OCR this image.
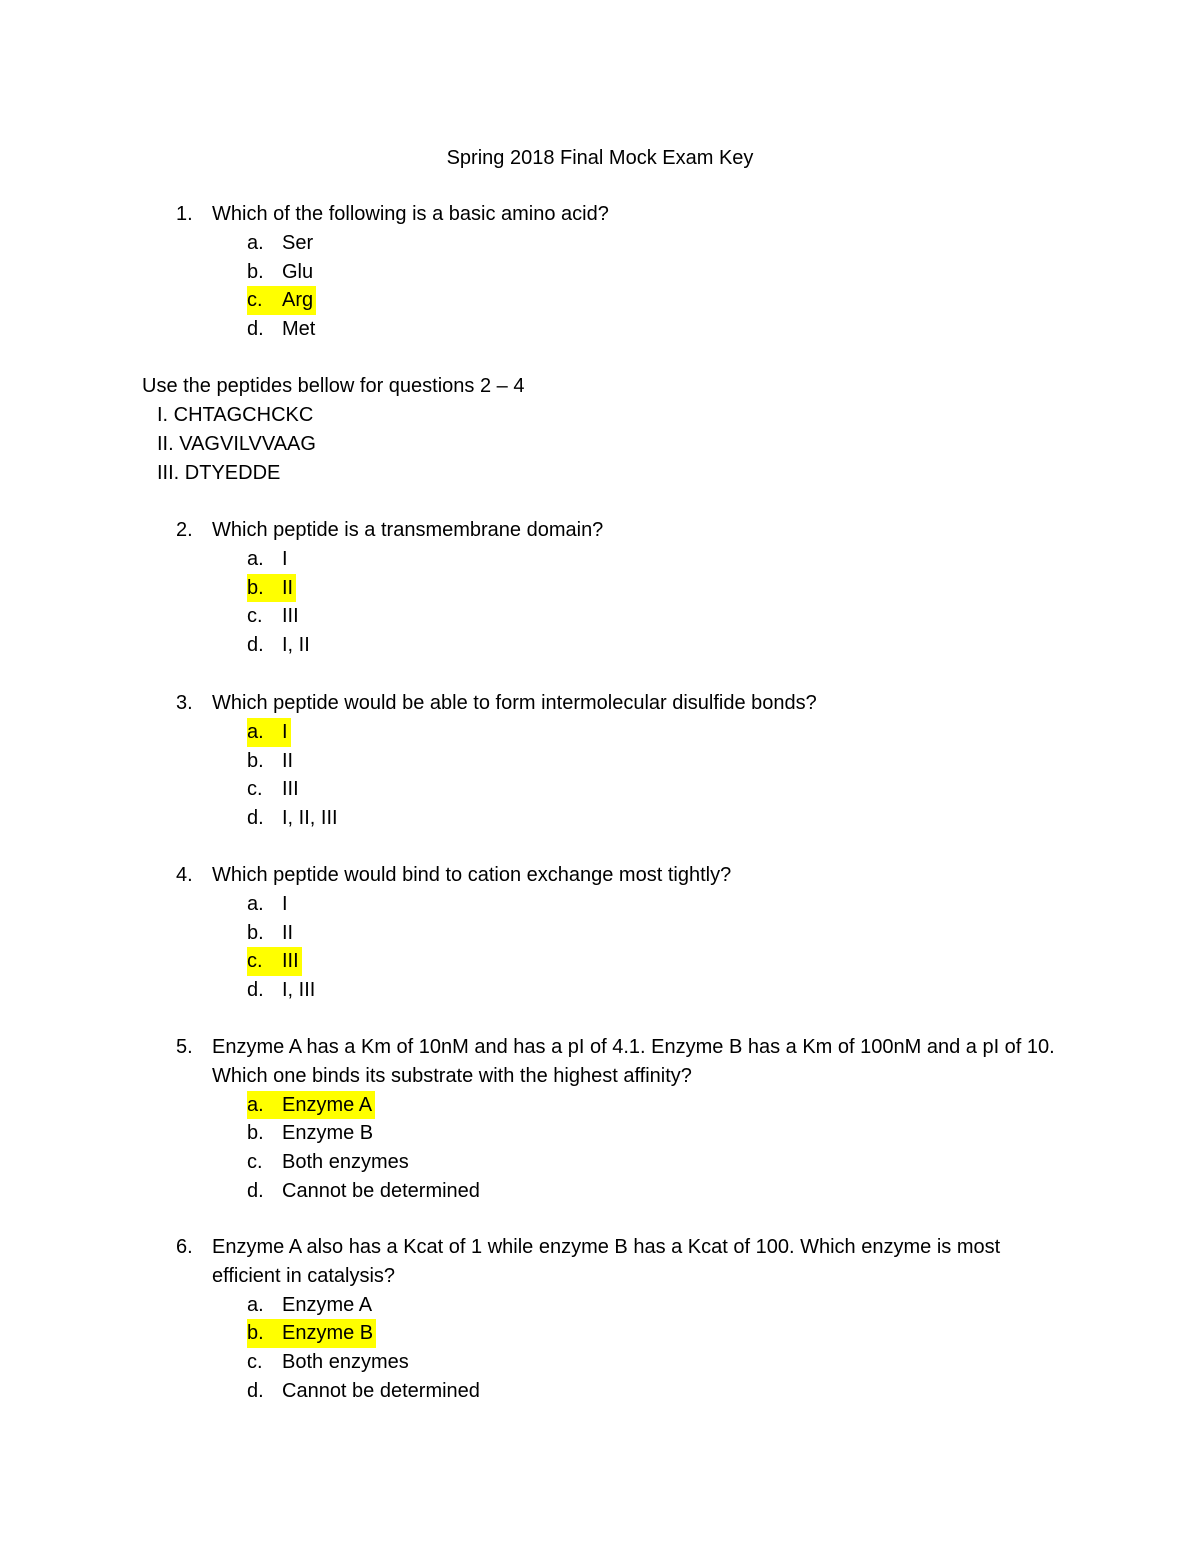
Spring 2018 Final Mock Exam Key
1. Which of the following is a basic amino acid?
a. Ser
b. Glu
c. Arg
d. Met
Use the peptides bellow for questions 2 – 4
I. CHTAGCHCKC
II. VAGVILVVAAG
III. DTYEDDE
2. Which peptide is a transmembrane domain?
a. I
b. II
c. III
d. I, II
3. Which peptide would be able to form intermolecular disulfide bonds?
a. I
b. II
c. III
d. I, II, III
4. Which peptide would bind to cation exchange most tightly?
a. I
b. II
c. III
d. I, III
5. Enzyme A has a Km of 10nM and has a pI of 4.1. Enzyme B has a Km of 100nM and a pI of 10. Which one binds its substrate with the highest affinity?
a. Enzyme A
b. Enzyme B
c. Both enzymes
d. Cannot be determined
6. Enzyme A also has a Kcat of 1 while enzyme B has a Kcat of 100. Which enzyme is most efficient in catalysis?
a. Enzyme A
b. Enzyme B
c. Both enzymes
d. Cannot be determined
